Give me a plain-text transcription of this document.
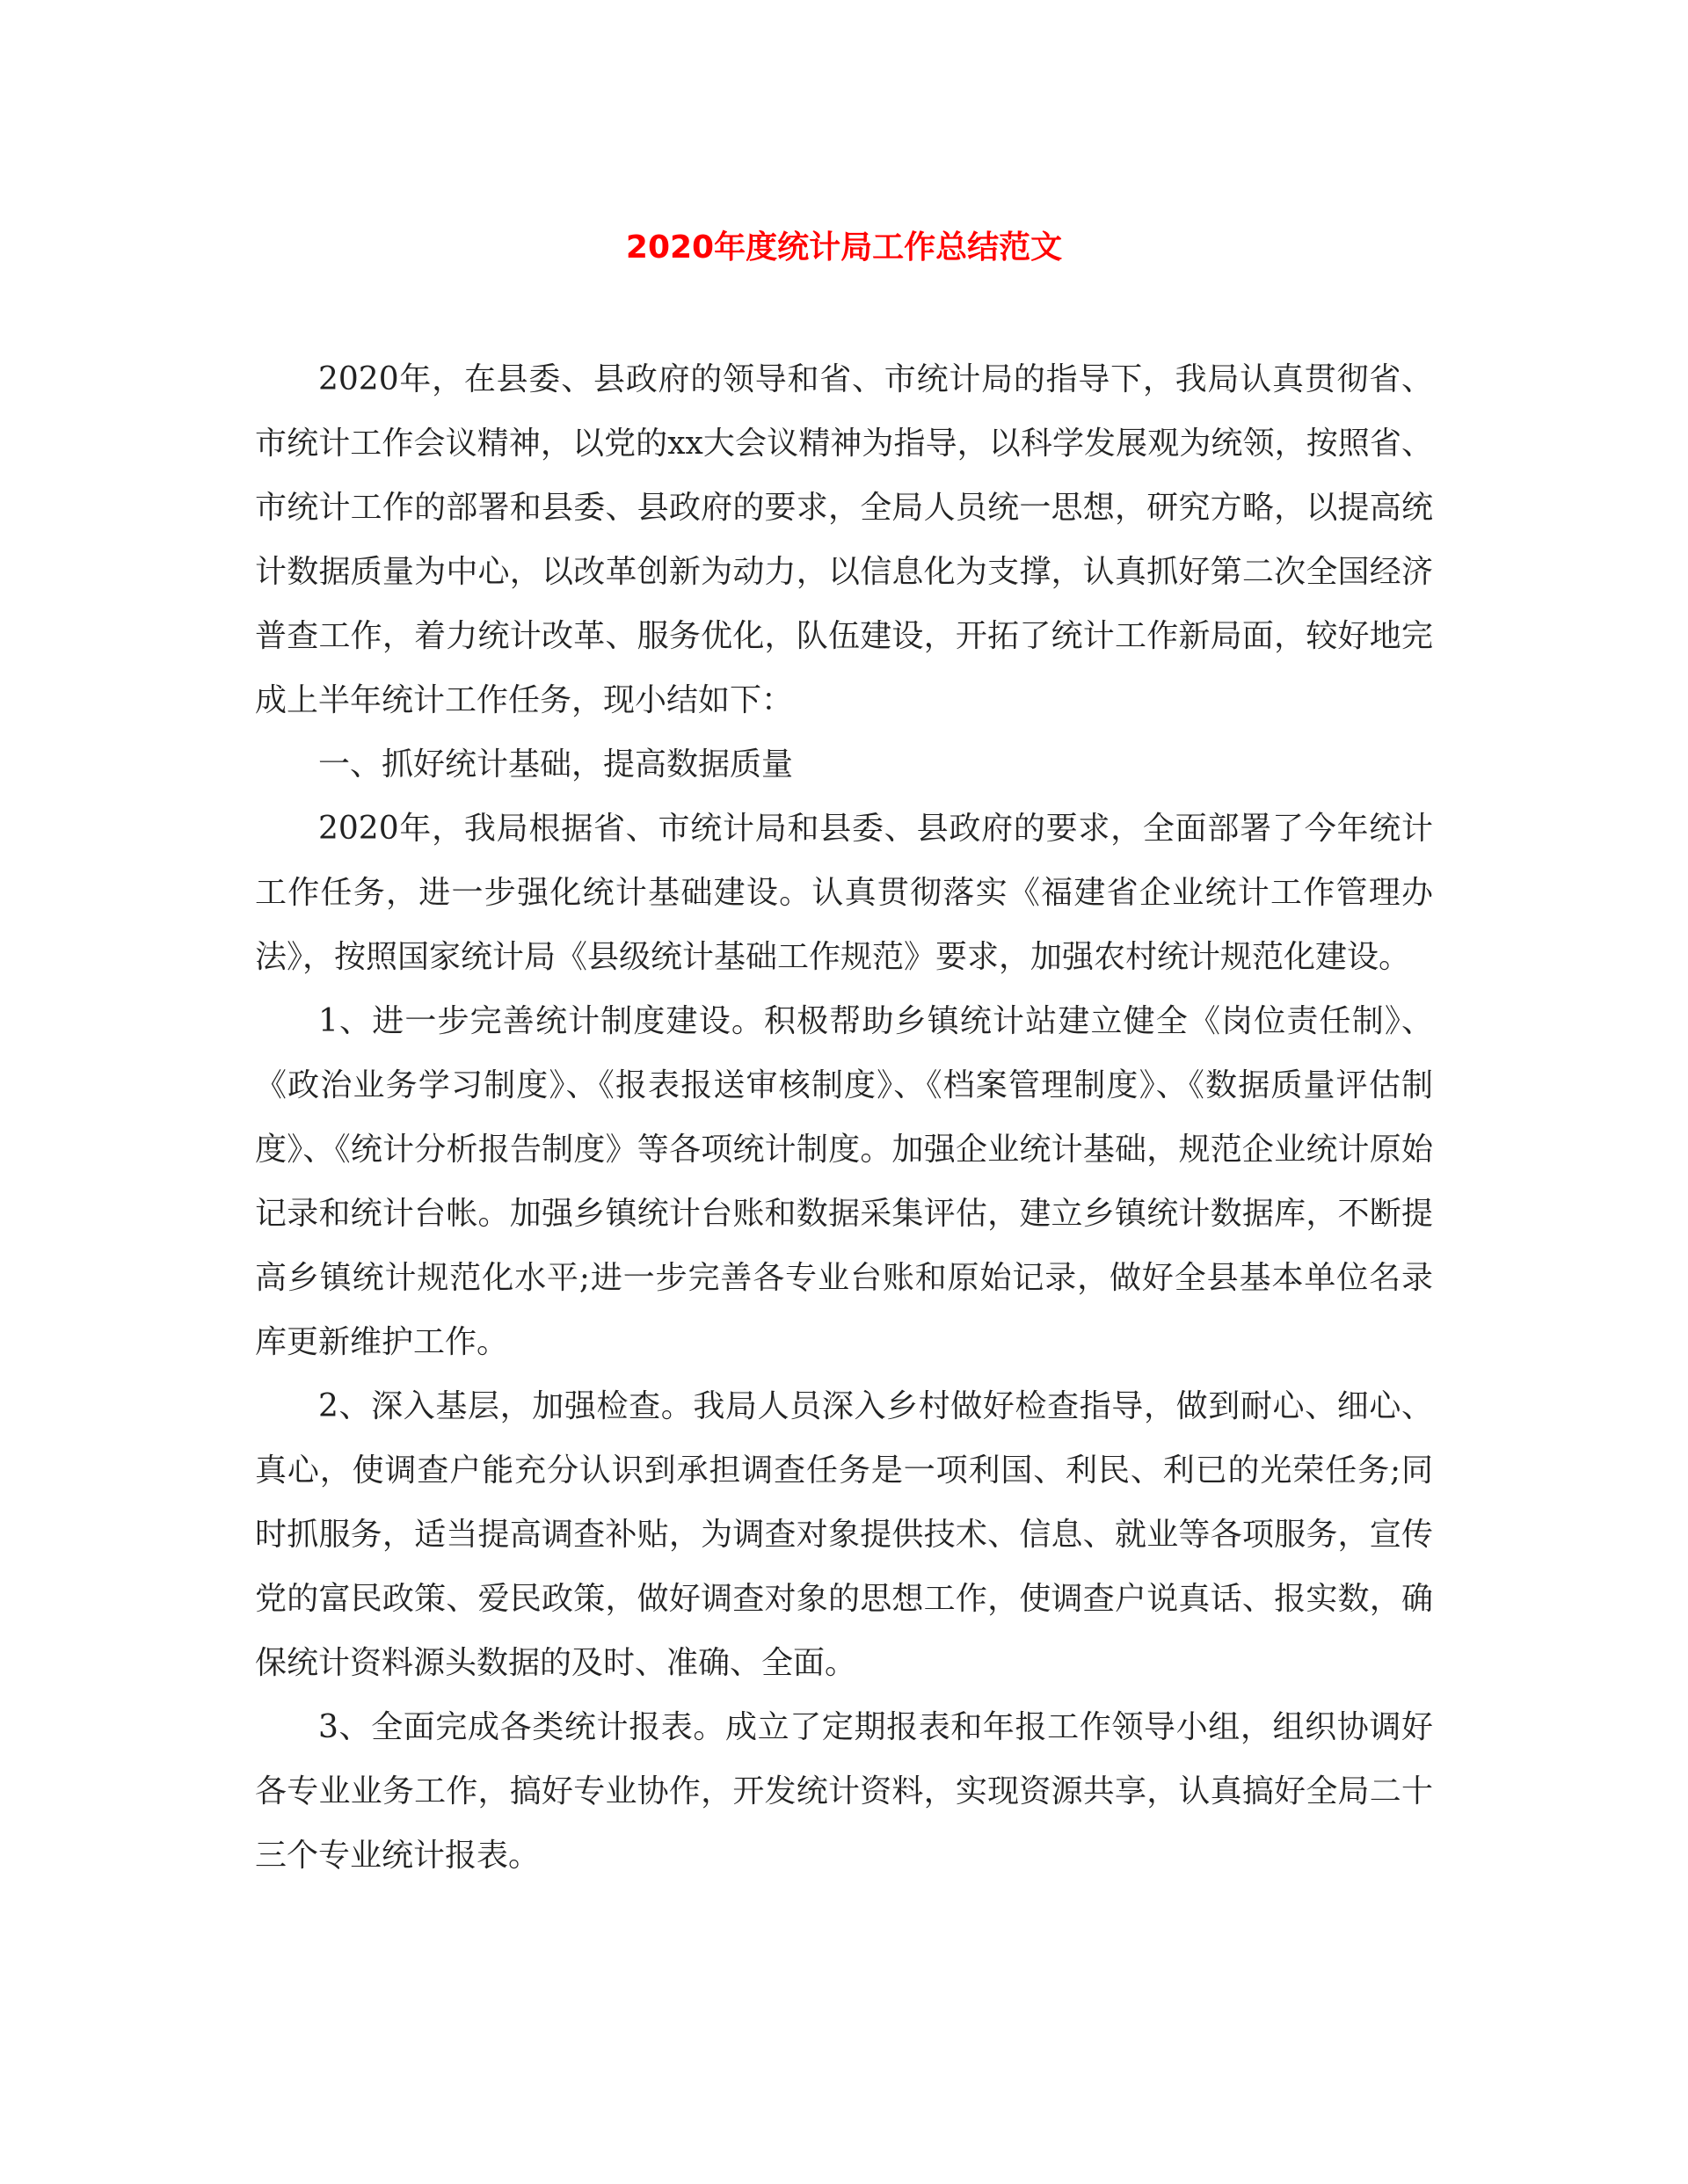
2020年度统计局工作总结范文

2020年，在县委、县政府的领导和省、市统计局的指导下，我局认真贯彻省、市统计工作会议精神，以党的xx大会议精神为指导，以科学发展观为统领，按照省、市统计工作的部署和县委、县政府的要求，全局人员统一思想，研究方略，以提高统计数据质量为中心，以改革创新为动力，以信息化为支撑，认真抓好第二次全国经济普查工作，着力统计改革、服务优化，队伍建设，开拓了统计工作新局面，较好地完成上半年统计工作任务，现小结如下：

一、抓好统计基础，提高数据质量

2020年，我局根据省、市统计局和县委、县政府的要求，全面部署了今年统计工作任务，进一步强化统计基础建设。认真贯彻落实《福建省企业统计工作管理办法》，按照国家统计局《县级统计基础工作规范》要求，加强农村统计规范化建设。

1、进一步完善统计制度建设。积极帮助乡镇统计站建立健全《岗位责任制》、《政治业务学习制度》、《报表报送审核制度》、《档案管理制度》、《数据质量评估制度》、《统计分析报告制度》等各项统计制度。加强企业统计基础，规范企业统计原始记录和统计台帐。加强乡镇统计台账和数据采集评估，建立乡镇统计数据库，不断提高乡镇统计规范化水平;进一步完善各专业台账和原始记录，做好全县基本单位名录库更新维护工作。

2、深入基层，加强检查。我局人员深入乡村做好检查指导，做到耐心、细心、真心，使调查户能充分认识到承担调查任务是一项利国、利民、利已的光荣任务;同时抓服务，适当提高调查补贴，为调查对象提供技术、信息、就业等各项服务，宣传党的富民政策、爱民政策，做好调查对象的思想工作，使调查户说真话、报实数，确保统计资料源头数据的及时、准确、全面。

3、全面完成各类统计报表。成立了定期报表和年报工作领导小组，组织协调好各专业业务工作，搞好专业协作，开发统计资料，实现资源共享，认真搞好全局二十三个专业统计报表。
